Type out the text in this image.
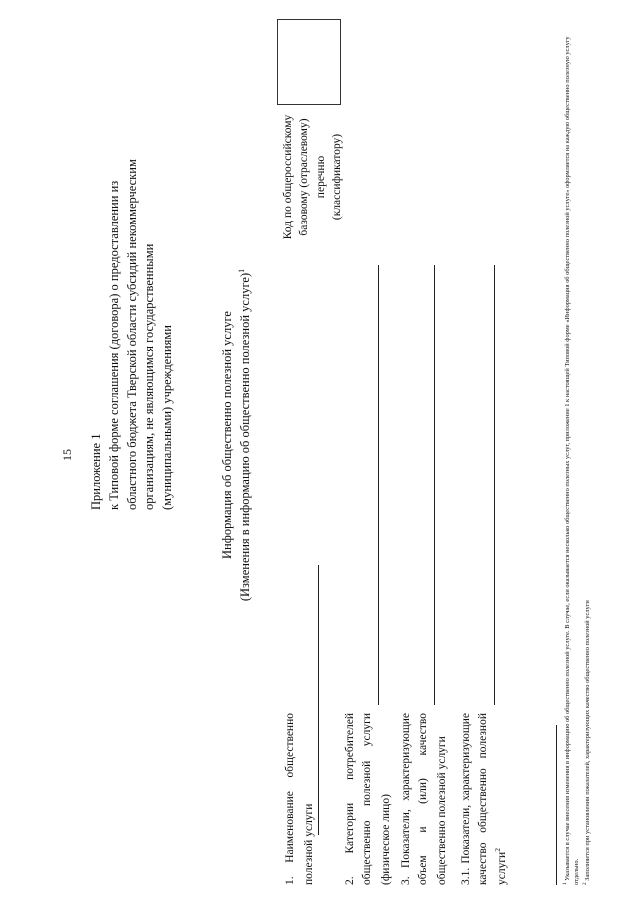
15 Приложение 1 к Типовой форме соглашения (договора) о предоставлении из областного бюджета Тверской области субсидий некоммерческим организациям, не являющимся государственными (муниципальными) учреждениями	Информация об общественно полезной услуге (Изменения в информацию об общественно полезной услуге)$^1$
Код по общероссийскому базовому (отраслевому) перечню (классификатору)
1. Наименование общественно полезной услуги	2. Категории потребителей общественно полезной услуги (физическое лицо) 3. Показатели, характеризующие объем и (или) качество общественно полезной услуги 3.1. Показатели, характеризующие качество общественно полезной услуги$^2$
$^1$ Указывается в случае внесения изменения в информацию об общественно полезной услуге. В случае, если оказывается несколько общественно полезных услуг, приложение 1 к настоящей Типовой форме «Информация об общественно полезной услуге» оформляется на каждую общественно полезную услугу отдельно. $^2$ Заполняется при установлении показателей, характеризующих качество общественно полезной услуги
